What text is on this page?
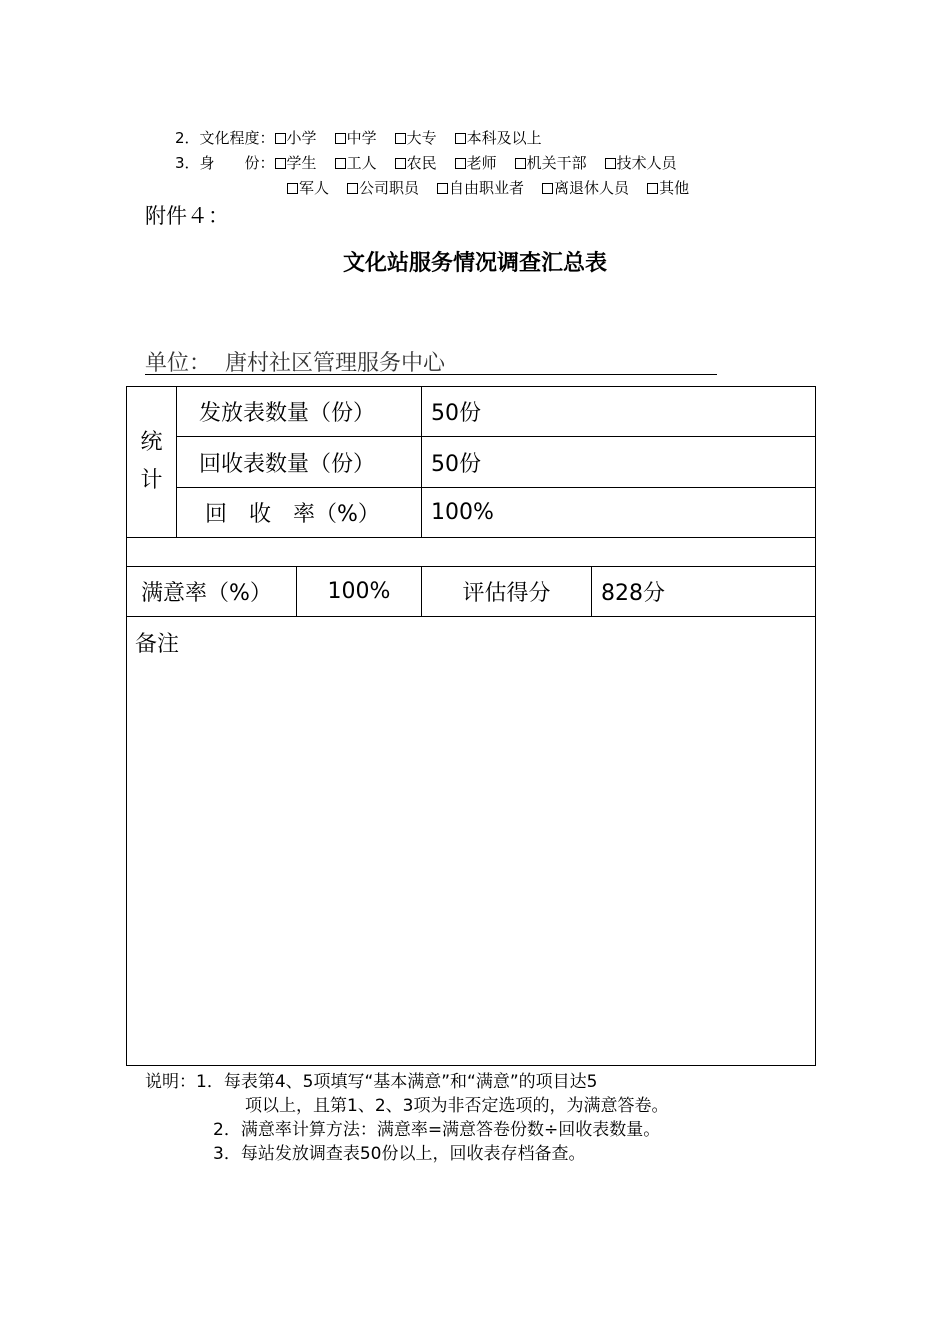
2．文化程度： 小学 中学 大专 本科及以上
3．身　　份： 学生 工人 农民 老师 机关干部 技术人员
军人 公司职员 自由职业者 离退休人员 其他
附件４：
文化站服务情况调查汇总表
单位： 唐村社区管理服务中心
统
计	发放表数量（份）		50份	
	回收表数量（份）		50份	
	回　收　率（%）		100%	

满意率（%）		100%	评估得分	828分
备注				
说明：1．每表第4、5项填写“基本满意”和“满意”的项目达5
项以上，且第1、2、3项为非否定选项的，为满意答卷。
2．满意率计算方法：满意率=满意答卷份数÷回收表数量。
3．每站发放调查表50份以上，回收表存档备查。
